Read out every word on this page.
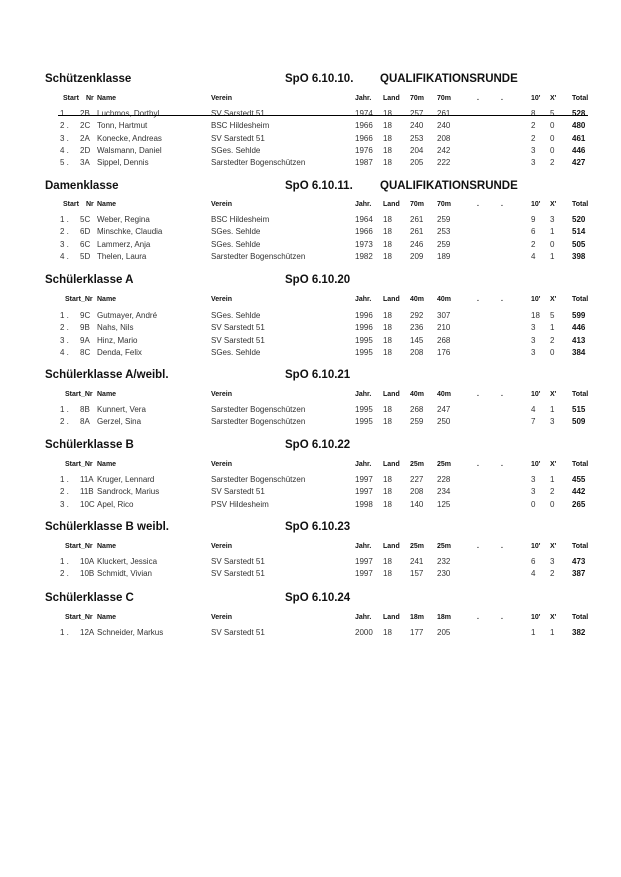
Schützenklasse	SpO 6.10.10. QUALIFIKATIONSRUNDE
Start Nr Name	Verein	Jahr. Land 70m 70m	.	.	10' X' Total
1 . 2B Luchmos, Dorthyl	SV Sarstedt 51	1974 18 257 261	8 5 528
2 . 2C Tonn, Hartmut	BSC Hildesheim	1966 18 240 240	2 0 480
3 . 2A Konecke, Andreas	SV Sarstedt 51	1966 18 253 208	2 0 461
4 . 2D Walsmann, Daniel	SGes. Sehlde	1976 18 204 242	3 0 446
5 . 3A Sippel, Dennis	Sarstedter Bogenschützen	1987 18 205 222	3 2 427
Damenklasse	SpO 6.10.11. QUALIFIKATIONSRUNDE
Start Nr Name	Verein	Jahr. Land 70m 70m	.	.	10' X' Total
1 . 5C Weber, Regina	BSC Hildesheim	1964 18 261 259	9 3 520
2 . 6D Minschke, Claudia	SGes. Sehlde	1966 18 261 253	6 1 514
3 . 6C Lammerz, Anja	SGes. Sehlde	1973 18 246 259	2 0 505
4 . 5D Thelen, Laura	Sarstedter Bogenschützen	1982 18 209 189	4 1 398
Schülerklasse A	SpO 6.10.20
Start_Nr Name	Verein	Jahr. Land 40m 40m	.	.	10' X' Total
1 . 9C Gutmayer, André	SGes. Sehlde	1996 18 292 307	18 5 599
2 . 9B Nahs, Nils	SV Sarstedt 51	1996 18 236 210	3 1 446
3 . 9A Hinz, Mario	SV Sarstedt 51	1995 18 145 268	3 2 413
4 . 8C Denda, Felix	SGes. Sehlde	1995 18 208 176	3 0 384
Schülerklasse A/weibl.	SpO 6.10.21
Start_Nr Name	Verein	Jahr. Land 40m 40m	.	.	10' X' Total
1 . 8B Kunnert, Vera	Sarstedter Bogenschützen	1995 18 268 247	4 1 515
2 . 8A Gerzel, Sina	Sarstedter Bogenschützen	1995 18 259 250	7 3 509
Schülerklasse B	SpO 6.10.22
Start_Nr Name	Verein	Jahr. Land 25m 25m	.	.	10' X' Total
1 . 11A Kruger, Lennard	Sarstedter Bogenschützen	1997 18 227 228	3 1 455
2 . 11B Sandrock, Marius	SV Sarstedt 51	1997 18 208 234	3 2 442
3 . 10C Apel, Rico	PSV Hildesheim	1998 18 140 125	0 0 265
Schülerklasse B weibl.	SpO 6.10.23
Start_Nr Name	Verein	Jahr. Land 25m 25m	.	.	10' X' Total
1 . 10A Kluckert, Jessica	SV Sarstedt 51	1997 18 241 232	6 3 473
2 . 10B Schmidt, Vivian	SV Sarstedt 51	1997 18 157 230	4 2 387
Schülerklasse C	SpO 6.10.24
Start_Nr Name	Verein	Jahr. Land 18m 18m	.	.	10' X' Total
1 . 12A Schneider, Markus	SV Sarstedt 51	2000 18 177 205	1 1 382
